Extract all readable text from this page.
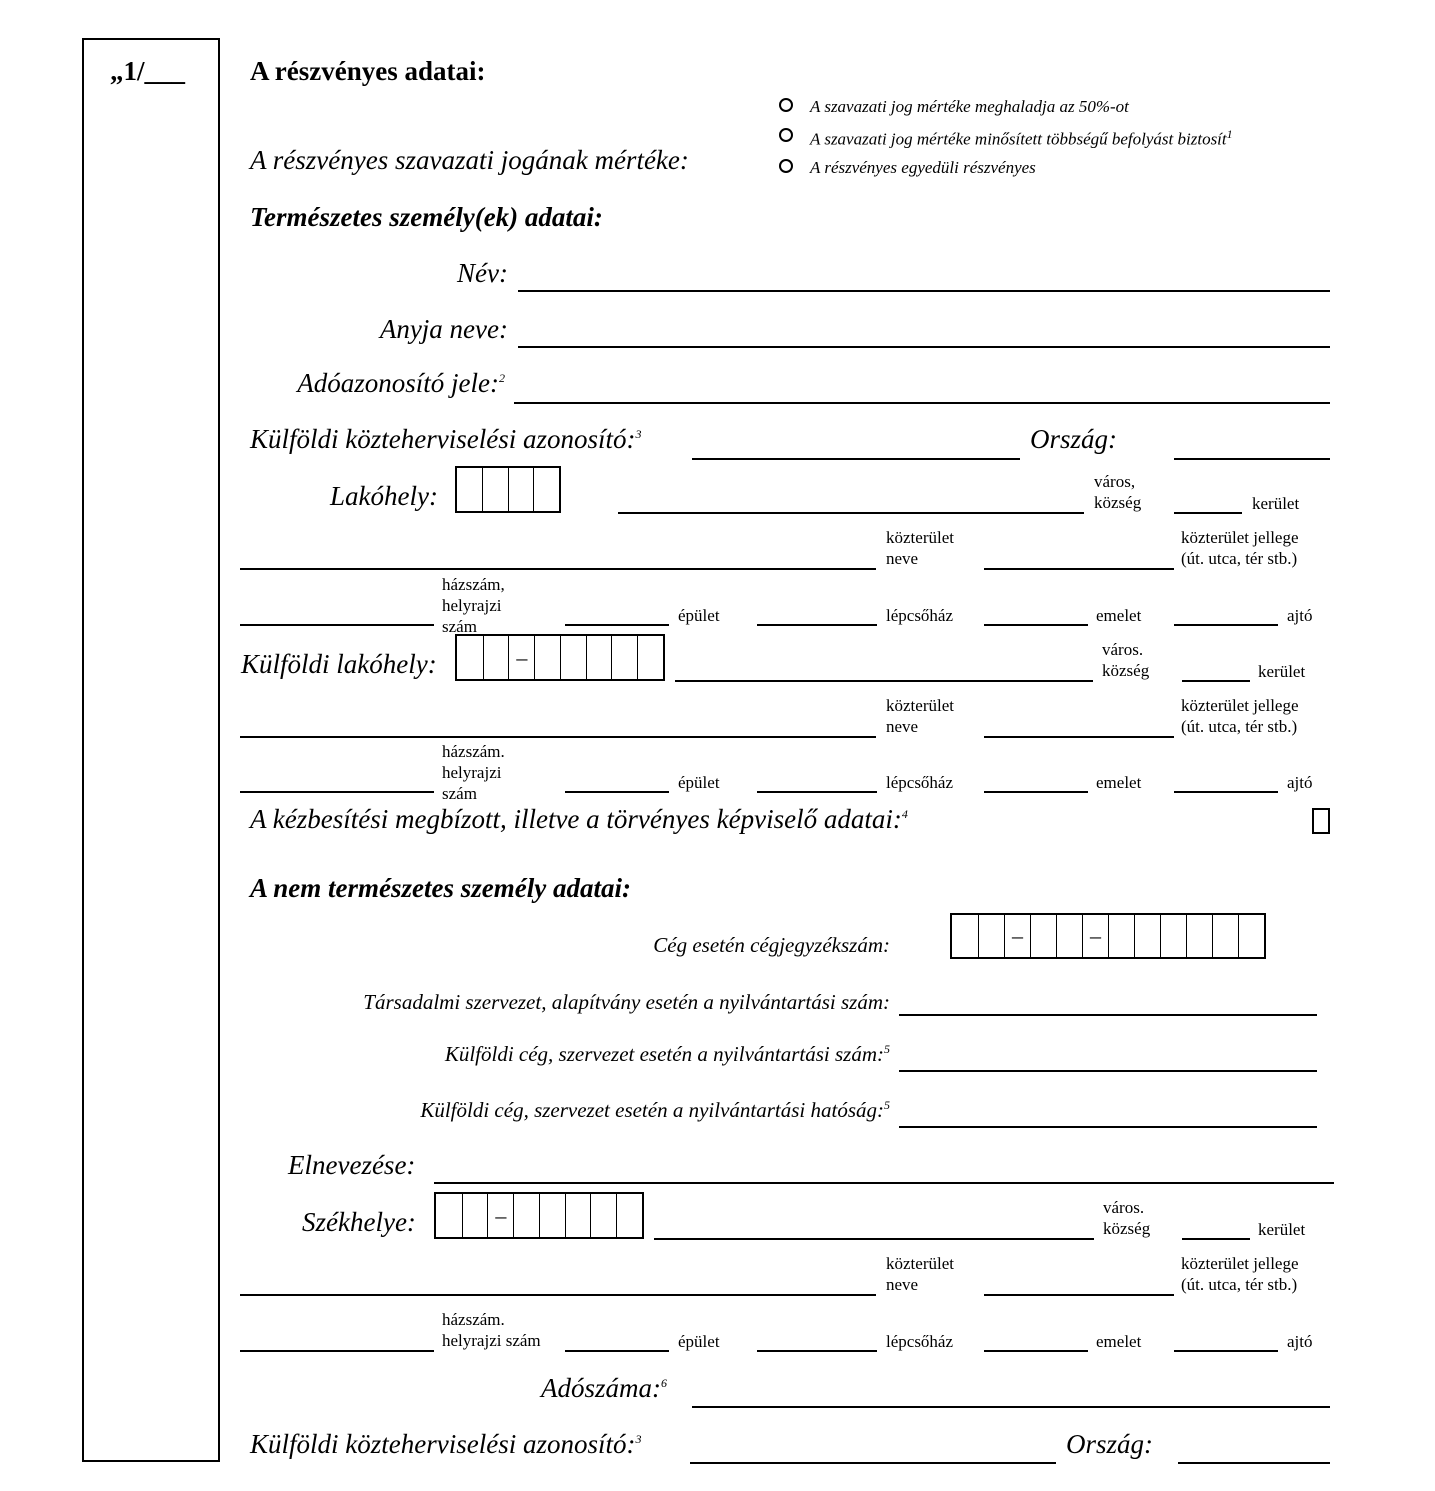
„1/___ A részvényes adatai:
A részvényes szavazati jogának mértéke:
A szavazati jog mértéke meghaladja az 50%-ot
A szavazati jog mértéke minősített többségű befolyást biztosít$^1$
A részvényes egyedüli részvényes
Természetes személy(ek) adatai:
Név:
Anyja neve:
Adóazonosító jele:$^2$
Külföldi közteherviselési azonosító:$^3$	Ország:
Lakóhely:	város,
község	kerület
közterület
neve
közterület jellege
(út. utca, tér stb.)
házszám,
helyrajzi
szám
épület	lépcsőház	emelet	ajtó
Külföldi lakóhely:	–	város.
község	kerület
közterület
neve
közterület jellege
(út. utca, tér stb.)
házszám.
helyrajzi
szám
épület	lépcsőház	emelet	ajtó
A kézbesítési megbízott, illetve a törvényes képviselő adatai:$^4$
A nem természetes személy adatai:
Cég esetén cégjegyzékszám:	–	–
Társadalmi szervezet, alapítvány esetén a nyilvántartási szám:
Külföldi cég, szervezet esetén a nyilvántartási szám:$^5$
Külföldi cég, szervezet esetén a nyilvántartási hatóság:$^5$
Elnevezése:
Székhelye:	–	város.
község	kerület
közterület
neve
közterület jellege
(út. utca, tér stb.)
házszám.
helyrajzi szám	épület	lépcsőház	emelet	ajtó
Adószáma:$^6$
Külföldi közteherviselési azonosító:$^3$	Ország:
